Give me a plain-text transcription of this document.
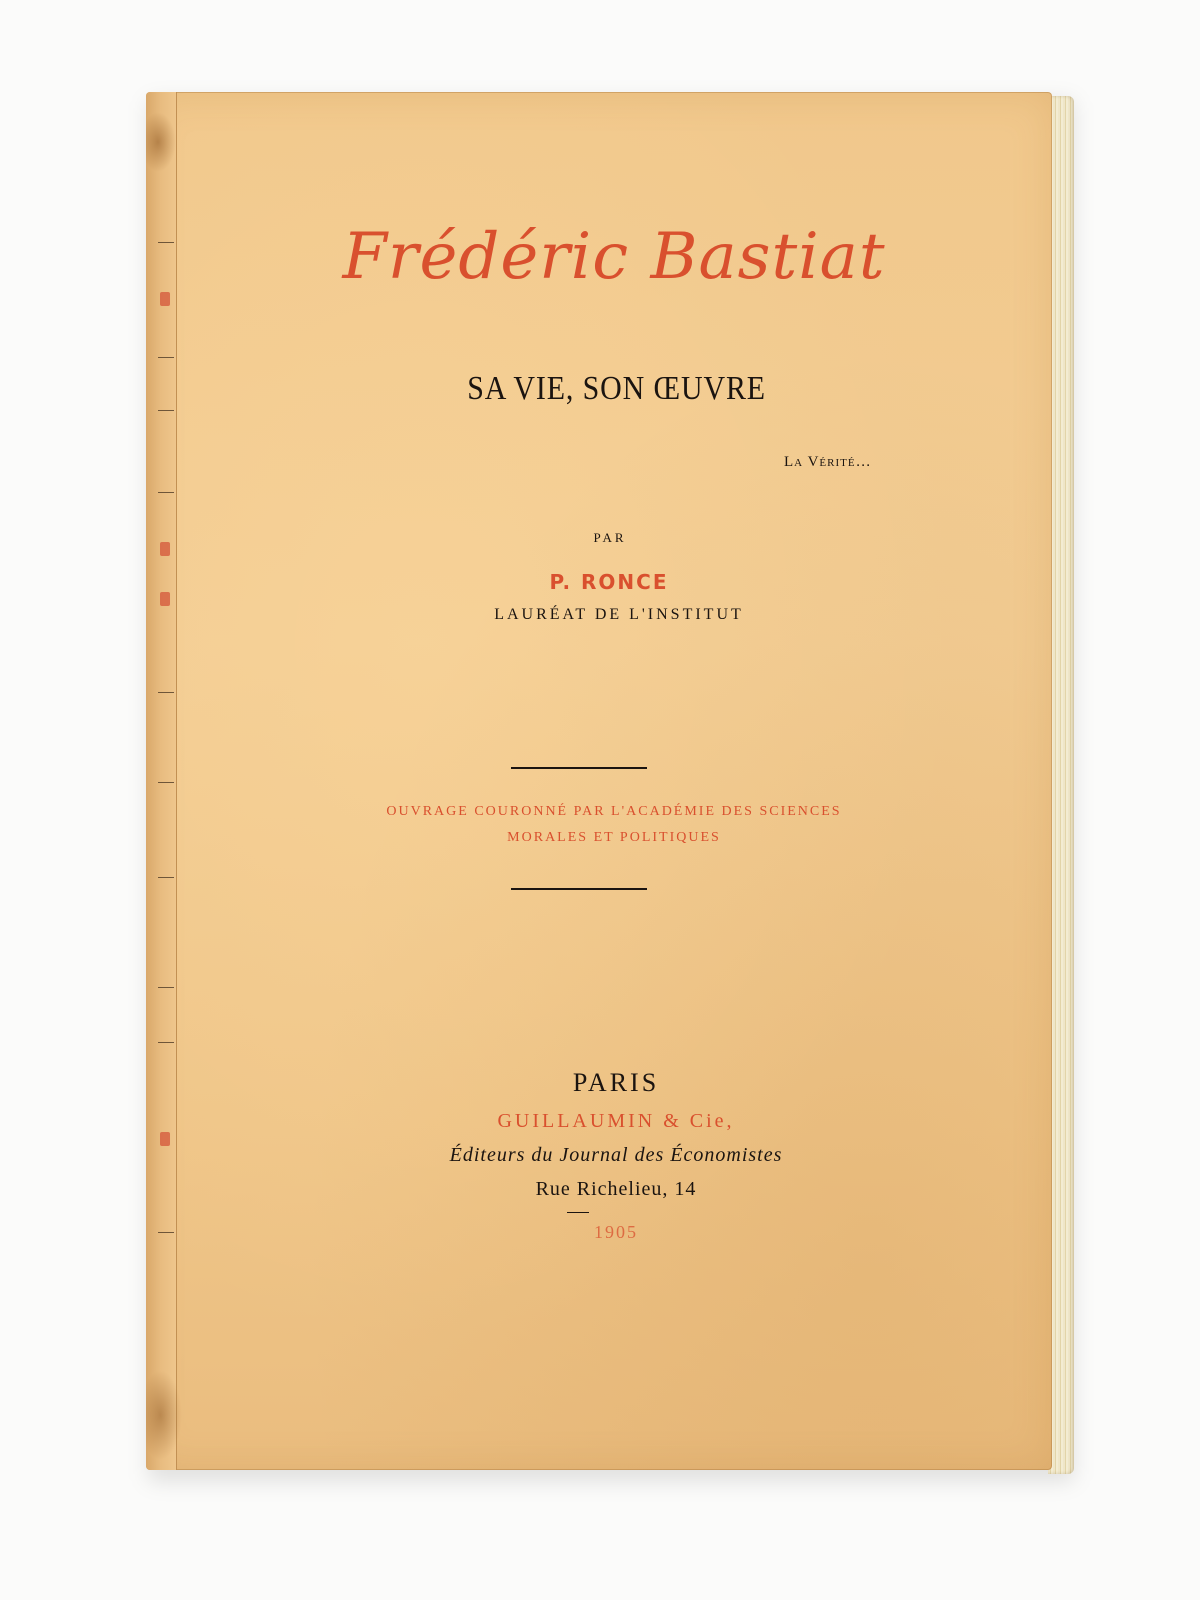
Frédéric Bastiat
SA VIE, SON ŒUVRE
La Vérité…
PAR
P. RONCE
LAURÉAT DE L'INSTITUT
OUVRAGE COURONNÉ PAR L'ACADÉMIE DES SCIENCES
MORALES ET POLITIQUES
PARIS
GUILLAUMIN & Cie,
Éditeurs du Journal des Économistes
Rue Richelieu, 14
1905
